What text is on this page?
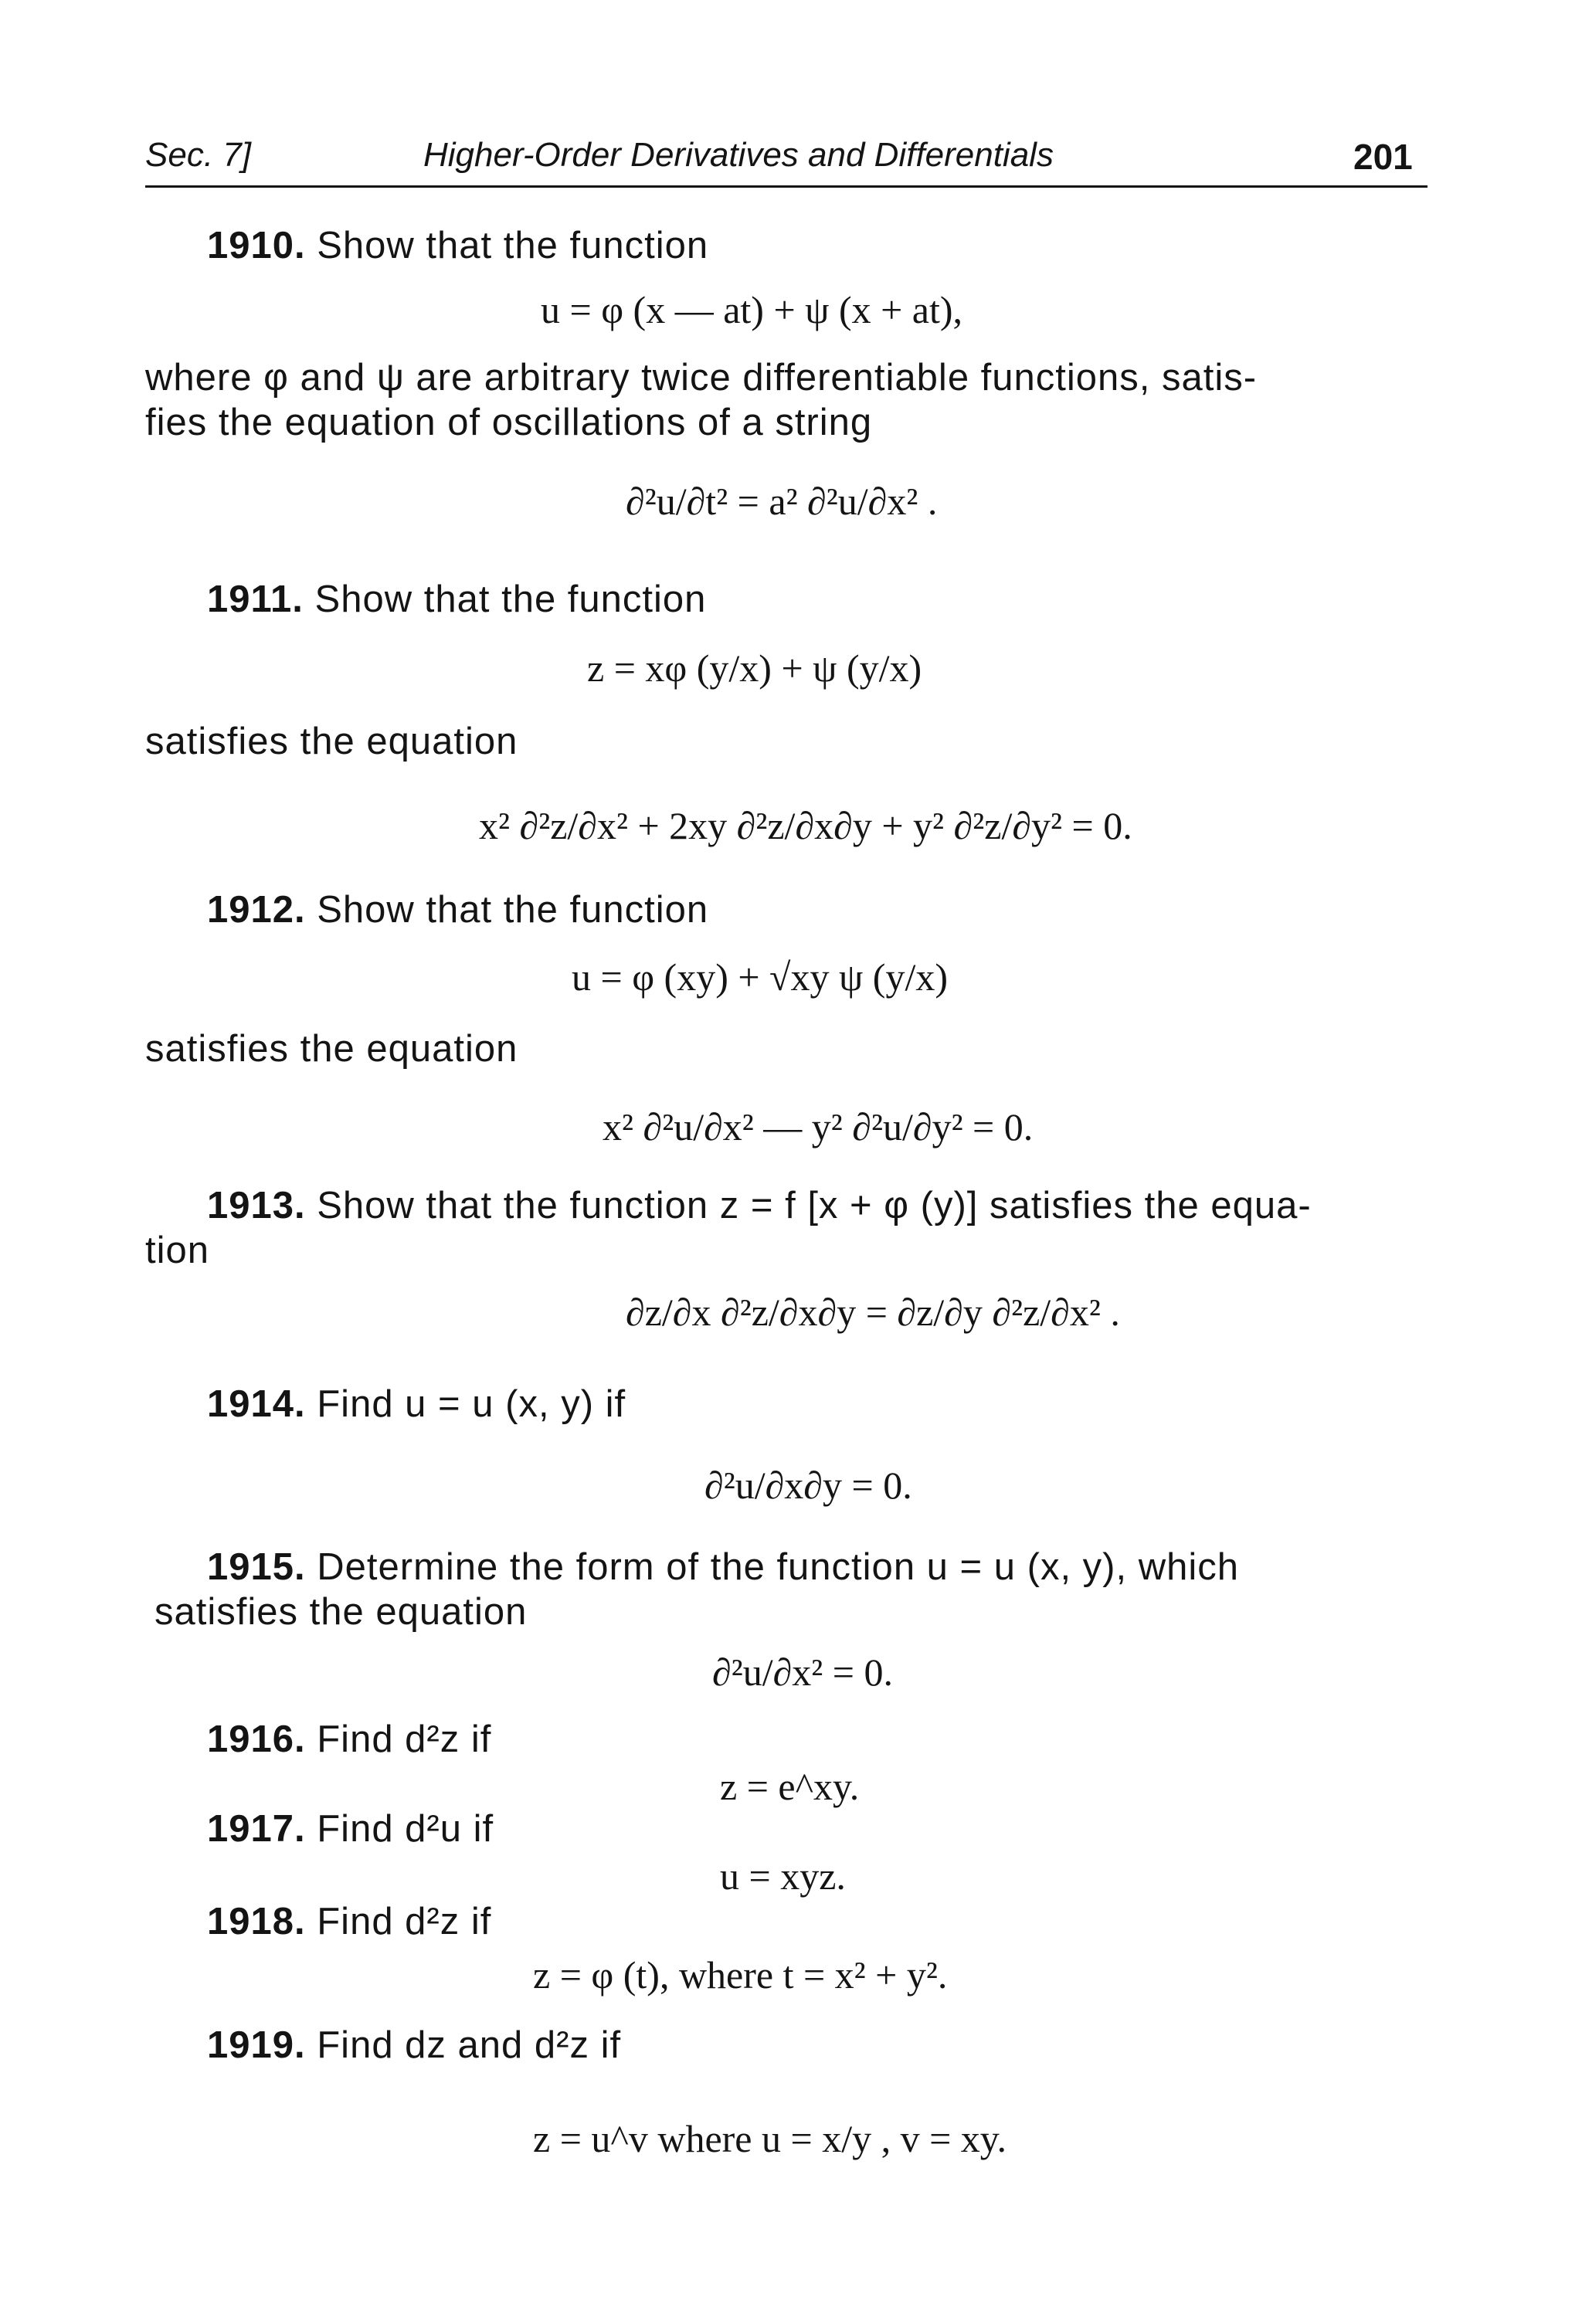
Sec. 7]	Higher-Order Derivatives and Differentials	201
1910. Show that the function
u = φ (x — at) + ψ (x + at),
where φ and ψ are arbitrary twice differentiable functions, satis-
fies the equation of oscillations of a string
∂²u/∂t² = a² ∂²u/∂x² .
1911. Show that the function
z = xφ (y/x) + ψ (y/x)
satisfies the equation
x² ∂²z/∂x² + 2xy ∂²z/∂x∂y + y² ∂²z/∂y² = 0.
1912. Show that the function
u = φ (xy) + √xy ψ (y/x)
satisfies the equation
x² ∂²u/∂x² — y² ∂²u/∂y² = 0.
1913. Show that the function z = f [x + φ (y)] satisfies the equa-
tion
∂z/∂x ∂²z/∂x∂y = ∂z/∂y ∂²z/∂x² .
1914. Find u = u (x, y) if
∂²u/∂x∂y = 0.
1915. Determine the form of the function u = u (x, y), which
satisfies the equation
∂²u/∂x² = 0.
1916. Find d²z if
z = e^xy.
1917. Find d²u if
u = xyz.
1918. Find d²z if
z = φ (t), where t = x² + y².
1919. Find dz and d²z if
z = u^v where u = x/y , v = xy.
